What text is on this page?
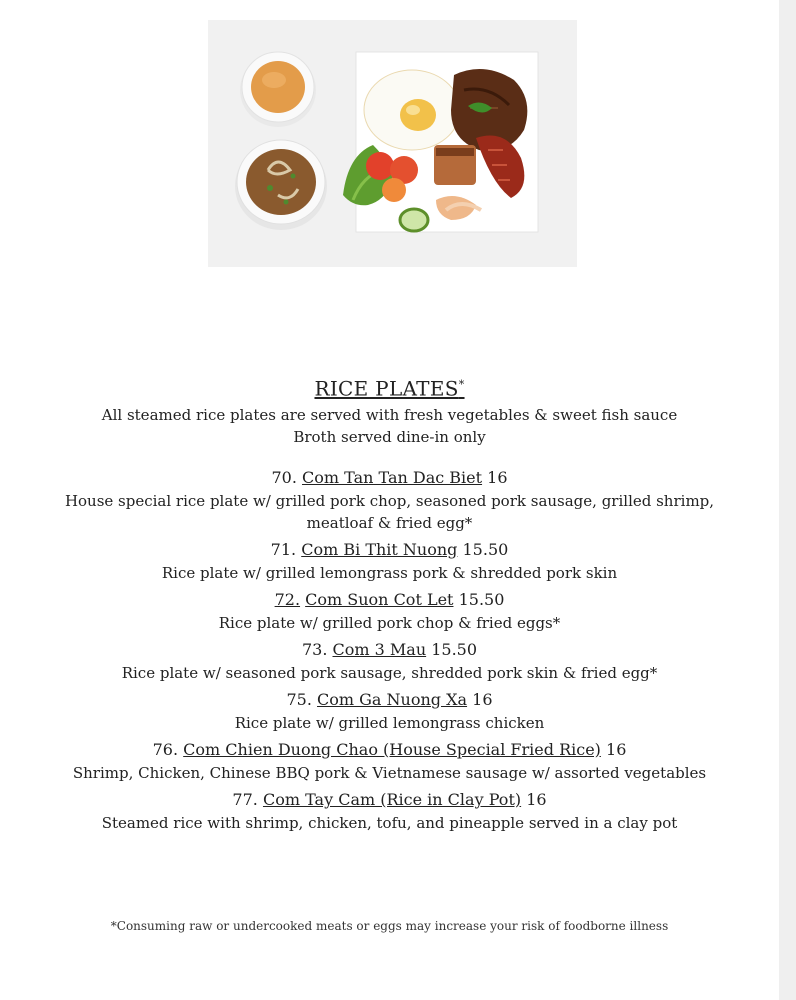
RICE PLATES*
All steamed rice plates are served with fresh vegetables & sweet fish sauce
Broth served dine-in only
70. Com Tan Tan Dac Biet 16
House special rice plate w/ grilled pork chop, seasoned pork sausage, grilled shrimp,
meatloaf & fried egg*
71. Com Bi Thit Nuong 15.50
Rice plate w/ grilled lemongrass pork & shredded pork skin
72. Com Suon Cot Let 15.50
Rice plate w/ grilled pork chop & fried eggs*
73. Com 3 Mau 15.50
Rice plate w/ seasoned pork sausage, shredded pork skin & fried egg*
75. Com Ga Nuong Xa 16
Rice plate w/ grilled lemongrass chicken
76. Com Chien Duong Chao (House Special Fried Rice) 16
Shrimp, Chicken, Chinese BBQ pork & Vietnamese sausage w/ assorted vegetables
77. Com Tay Cam (Rice in Clay Pot) 16
Steamed rice with shrimp, chicken, tofu, and pineapple served in a clay pot
*Consuming raw or undercooked meats or eggs may increase your risk of foodborne illness
